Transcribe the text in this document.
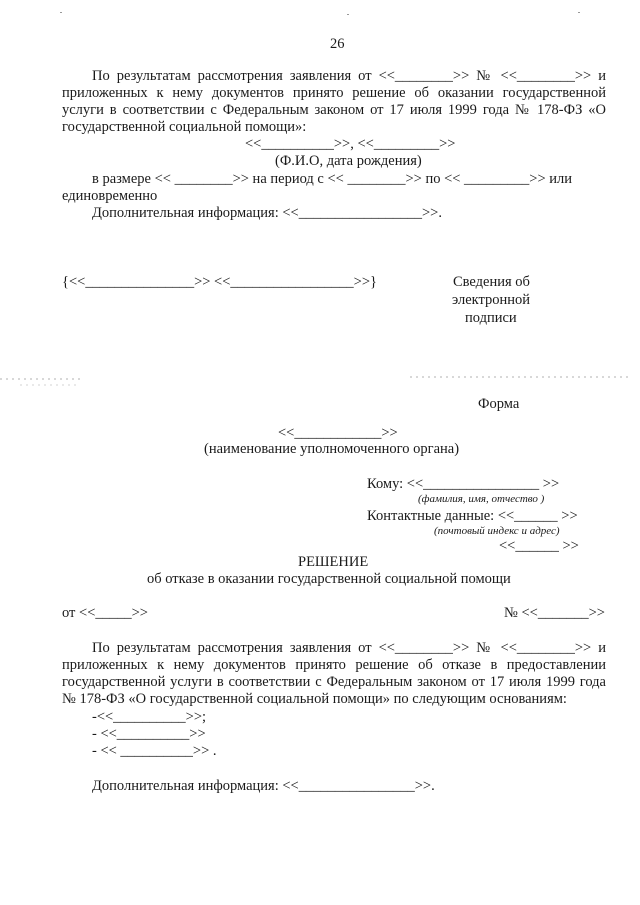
26
По результатам рассмотрения заявления от <<________>> № <<________>> и
приложенных к нему документов принято решение об оказании государственной
услуги в соответствии с Федеральным законом от 17 июля 1999 года № 178-ФЗ «О
государственной социальной помощи»:
<<__________>>, <<_________>>
(Ф.И.О, дата рождения)
в размере << ________>> на период с << ________>> по << _________>> или
единовременно
Дополнительная информация: <<_________________>>.
{<<_______________>> <<_________________>>}	Сведения об
электронной
подписи
Форма
<<____________>>
(наименование уполномоченного органа)
Кому: <<________________ >>
(фамилия, имя, отчество )
Контактные данные: <<______ >>
(почтовый индекс и адрес)
<<______ >>
РЕШЕНИЕ
об отказе в оказании государственной социальной помощи
от <<_____>>	№ <<_______>>
По результатам рассмотрения заявления от <<________>> № <<________>> и
приложенных к нему документов принято решение об отказе в предоставлении
государственной услуги в соответствии с Федеральным законом от 17 июля 1999 года
№ 178-ФЗ «О государственной социальной помощи» по следующим основаниям:
-<<__________>>;
- <<__________>>
- << __________>> .
Дополнительная информация: <<________________>>.
